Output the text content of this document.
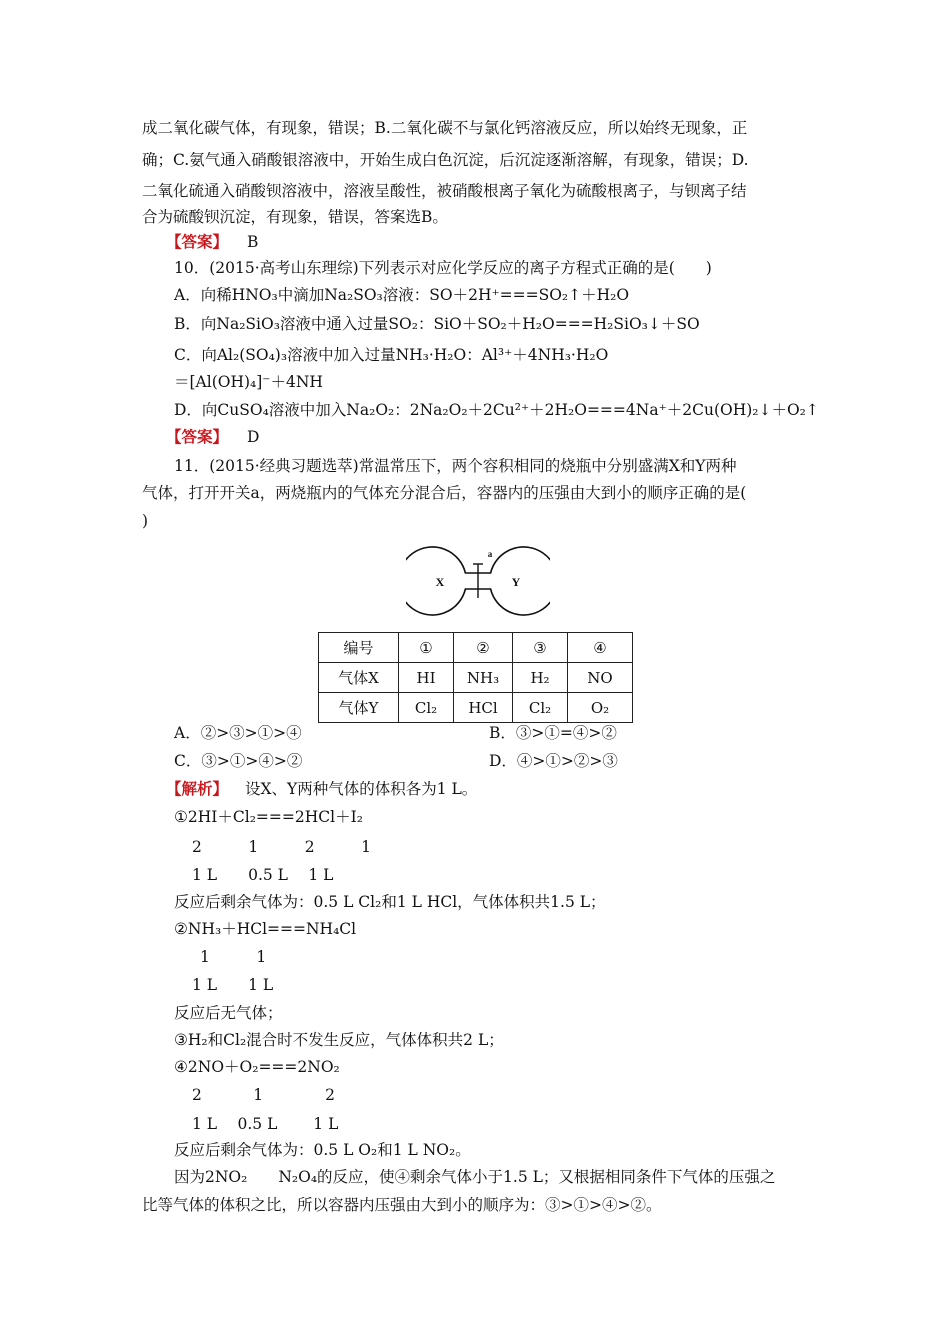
成二氧化碳气体，有现象，错误；B.二氧化碳不与氯化钙溶液反应，所以始终无现象，正
确；C.氨气通入硝酸银溶液中，开始生成白色沉淀，后沉淀逐渐溶解，有现象，错误；D.
二氧化硫通入硝酸钡溶液中，溶液呈酸性，被硝酸根离子氧化为硫酸根离子，与钡离子结
合为硫酸钡沉淀，有现象，错误，答案选B。
【答案】 B
10．(2015·高考山东理综)下列表示对应化学反应的离子方程式正确的是(　　)
A．向稀HNO₃中滴加Na₂SO₃溶液：SO＋2H⁺===SO₂↑＋H₂O
B．向Na₂SiO₃溶液中通入过量SO₂：SiO＋SO₂＋H₂O===H₂SiO₃↓＋SO
C．向Al₂(SO₄)₃溶液中加入过量NH₃·H₂O：Al³⁺＋4NH₃·H₂O
＝[Al(OH)₄]⁻＋4NH
D．向CuSO₄溶液中加入Na₂O₂：2Na₂O₂＋2Cu²⁺＋2H₂O===4Na⁺＋2Cu(OH)₂↓＋O₂↑
【答案】 D
11．(2015·经典习题选萃)常温常压下，两个容积相同的烧瓶中分别盛满X和Y两种
气体，打开开关a，两烧瓶内的气体充分混合后，容器内的压强由大到小的顺序正确的是(
)
a
X	Y
编号	①	②	③	④
气体X	HI	NH₃	H₂	NO
气体Y	Cl₂	HCl	Cl₂	O₂
A．②>③>①>④	B．③>①=④>②
C．③>①>④>②	D．④>①>②>③
【解析】 设X、Y两种气体的体积各为1 L。
①2HI＋Cl₂===2HCl＋I₂
2　　　1　　　2　　　1
1 L　　0.5 L　 1 L
反应后剩余气体为：0.5 L Cl₂和1 L HCl，气体体积共1.5 L；
②NH₃＋HCl===NH₄Cl
1　　　1
1 L　　1 L
反应后无气体；
③H₂和Cl₂混合时不发生反应，气体体积共2 L；
④2NO＋O₂===2NO₂
2　　　 1　　　　2
1 L　 0.5 L　　 1 L
反应后剩余气体为：0.5 L O₂和1 L NO₂。
因为2NO₂　　N₂O₄的反应，使④剩余气体小于1.5 L；又根据相同条件下气体的压强之
比等气体的体积之比，所以容器内压强由大到小的顺序为：③>①>④>②。
